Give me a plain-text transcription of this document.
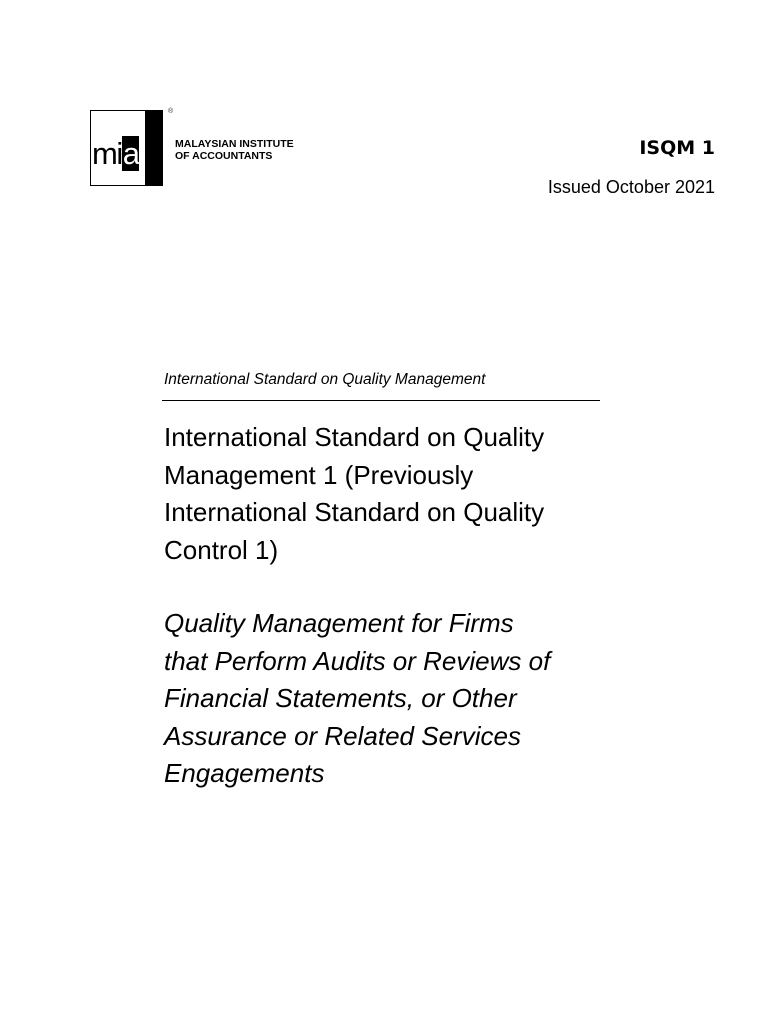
mia
®
MALAYSIAN INSTITUTE
OF ACCOUNTANTS	ISQM 1
Issued October 2021
International Standard on Quality Management
International Standard on Quality
Management 1 (Previously
International Standard on Quality
Control 1)
Quality Management for Firms
that Perform Audits or Reviews of
Financial Statements, or Other
Assurance or Related Services
Engagements
